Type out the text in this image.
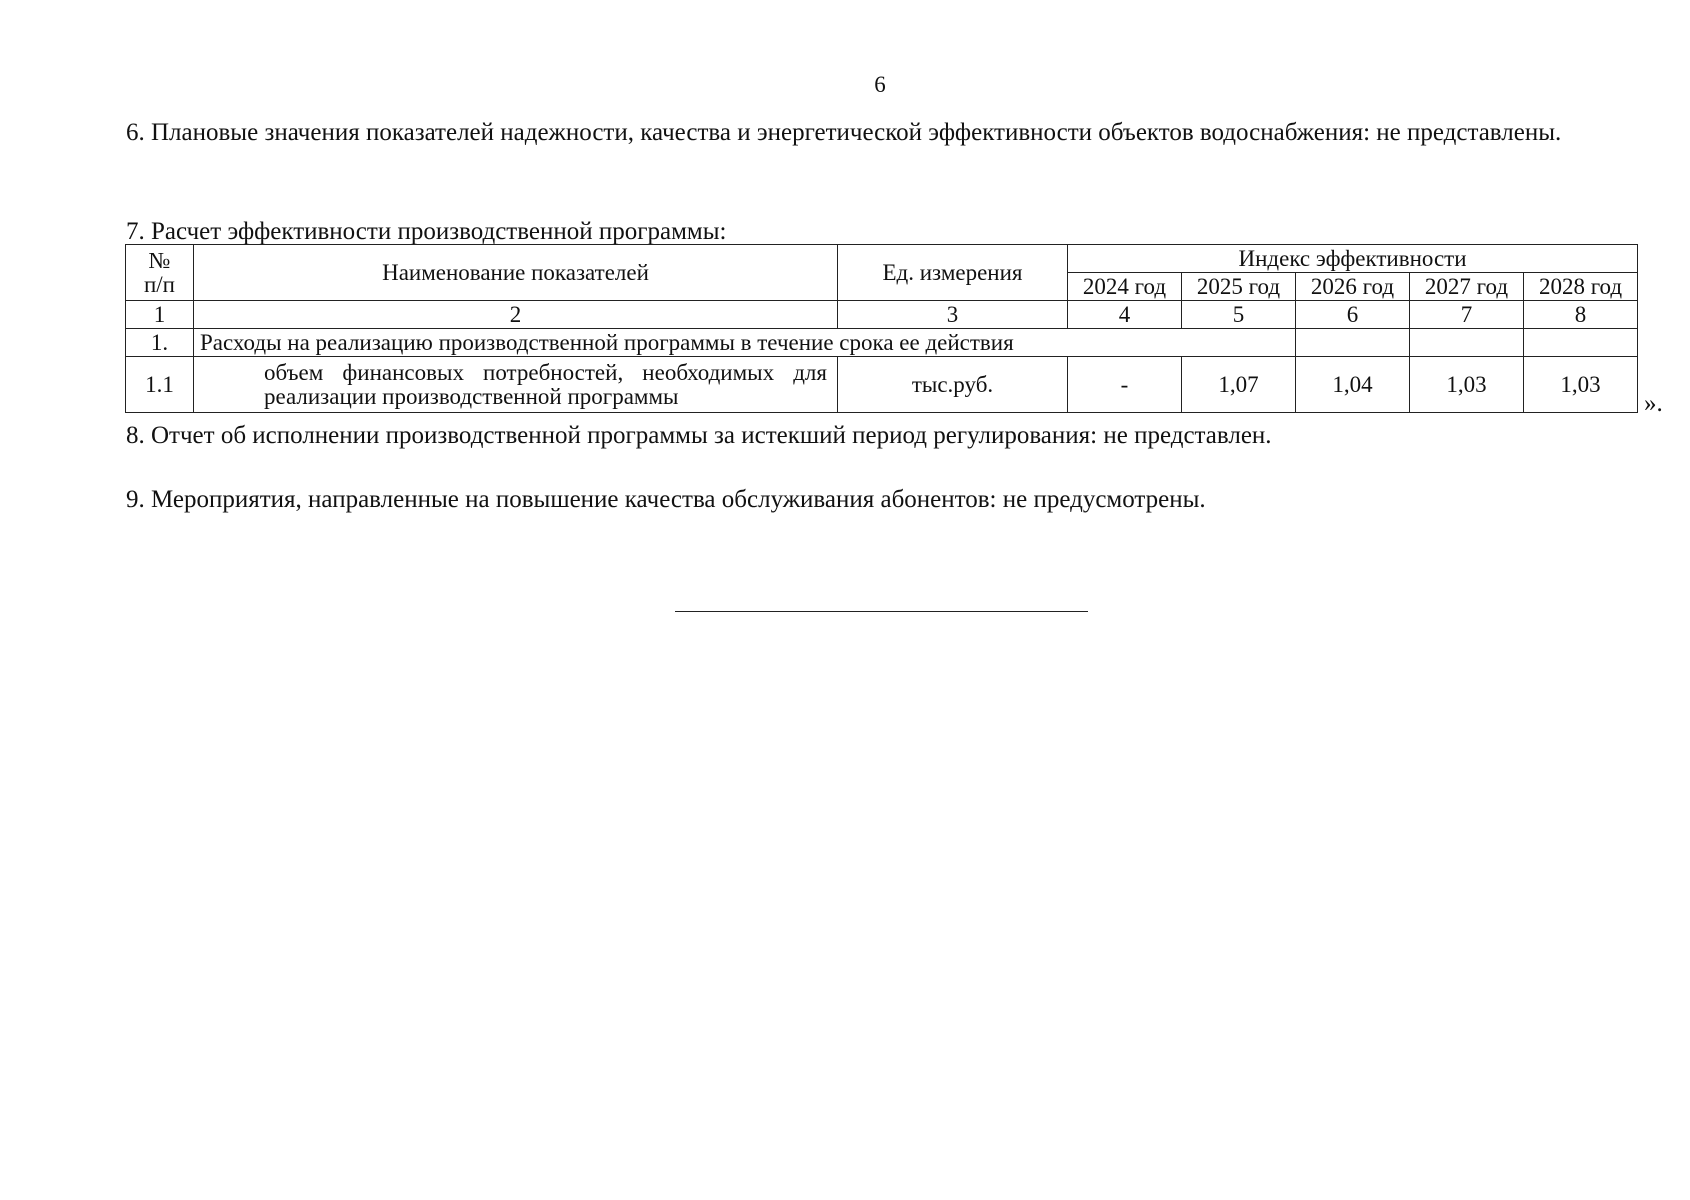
6
6. Плановые значения показателей надежности, качества и энергетической эффективности объектов водоснабжения: не представлены.
7. Расчет эффективности производственной программы:
№ п/п	Наименование показателей	Ед. измерения	Индекс эффективности				
			2024 год	2025 год	2026 год	2027 год	2028 год
1	2	3	4	5	6	7	8
1.	Расходы на реализацию производственной программы в течение срока ее действия						
1.1	объем финансовых потребностей, необходимых для реализации производственной программы	тыс.руб.	-	1,07	1,04	1,03	1,03
».
8. Отчет об исполнении производственной программы за истекший период регулирования: не представлен.
9. Мероприятия, направленные на повышение качества обслуживания абонентов: не предусмотрены.
